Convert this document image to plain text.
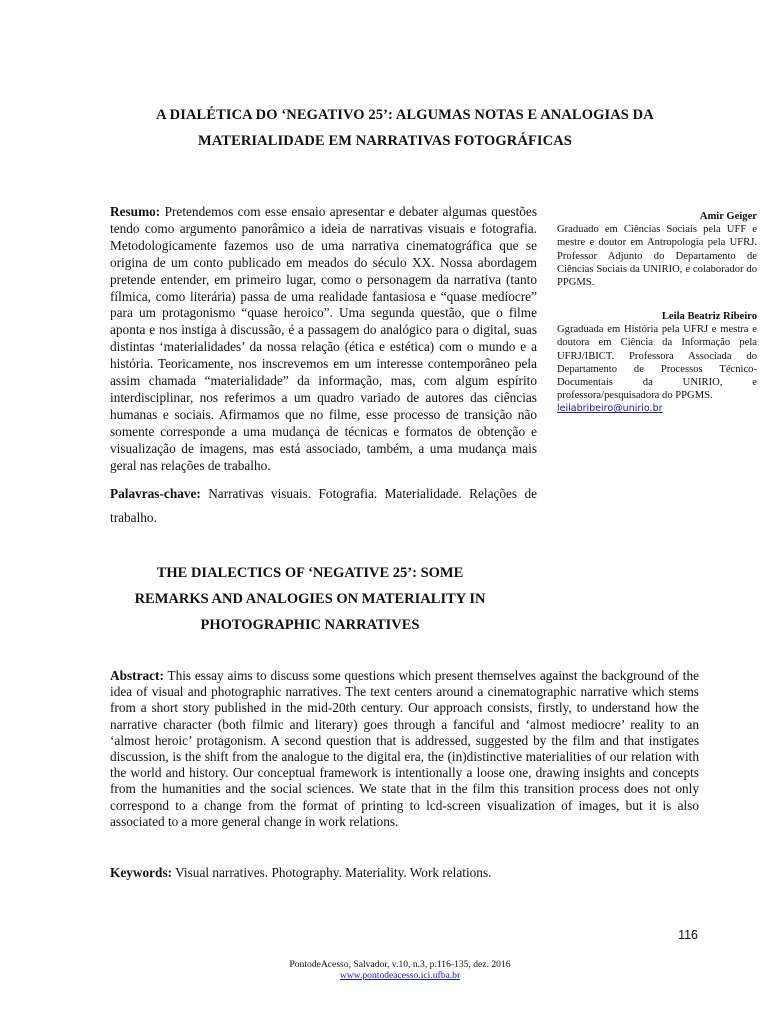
A DIALÉTICA DO ‘NEGATIVO 25’: ALGUMAS NOTAS E ANALOGIAS DA
MATERIALIDADE EM NARRATIVAS FOTOGRÁFICAS

Resumo: Pretendemos com esse ensaio apresentar e debater algumas questões tendo como argumento panorâmico a ideia de narrativas visuais e fotografia. Metodologicamente fazemos uso de uma narrativa cinematográfica que se origina de um conto publicado em meados do século XX. Nossa abordagem pretende entender, em primeiro lugar, como o personagem da narrativa (tanto fílmica, como literária) passa de uma realidade fantasiosa e “quase medíocre” para um protagonismo “quase heroico”. Uma segunda questão, que o filme aponta e nos instiga à discussão, é a passagem do analógico para o digital, suas distintas ‘materialidades’ da nossa relação (ética e estética) com o mundo e a história. Teoricamente, nos inscrevemos em um interesse contemporâneo pela assim chamada “materialidade” da informação, mas, com algum espírito interdisciplinar, nos referimos a um quadro variado de autores das ciências humanas e sociais. Afirmamos que no filme, esse processo de transição não somente corresponde a uma mudança de técnicas e formatos de obtenção e visualização de imagens, mas está associado, também, a uma mudança mais geral nas relações de trabalho.

Amir Geiger

Graduado em Ciências Sociais pela UFF e mestre e doutor em Antropologia pela UFRJ. Professor Adjunto do Departamento de Ciências Sociais da UNIRIO, e colaborador do PPGMS.

Leila Beatriz Ribeiro

Ggraduada em História pela UFRJ e mestra e doutora em Ciência da Informação pela UFRJ/IBICT. Professora Associada do Departamento de Processos Técnico-Documentais da UNIRIO, e professora/pesquisadora do PPGMS.

leilabribeiro@unirio.br

Palavras-chave: Narrativas visuais. Fotografia. Materialidade. Relações de trabalho.

THE DIALECTICS OF ‘NEGATIVE 25’: SOME
REMARKS AND ANALOGIES ON MATERIALITY IN
PHOTOGRAPHIC NARRATIVES

Abstract: This essay aims to discuss some questions which present themselves against the background of the idea of visual and photographic narratives. The text centers around a cinematographic narrative which stems from a short story published in the mid-20th century. Our approach consists, firstly, to understand how the narrative character (both filmic and literary) goes through a fanciful and ‘almost mediocre’ reality to an ‘almost heroic’ protagonism. A second question that is addressed, suggested by the film and that instigates discussion, is the shift from the analogue to the digital era, the (in)distinctive materialities of our relation with the world and history. Our conceptual framework is intentionally a loose one, drawing insights and concepts from the humanities and the social sciences. We state that in the film this transition process does not only correspond to a change from the format of printing to lcd-screen visualization of images, but it is also associated to a more general change in work relations.

Keywords: Visual narratives. Photography. Materiality. Work relations.

116
PontodeAcesso, Salvador, v.10, n.3, p.116-135, dez. 2016
www.pontodeacesso.ici.ufba.br
